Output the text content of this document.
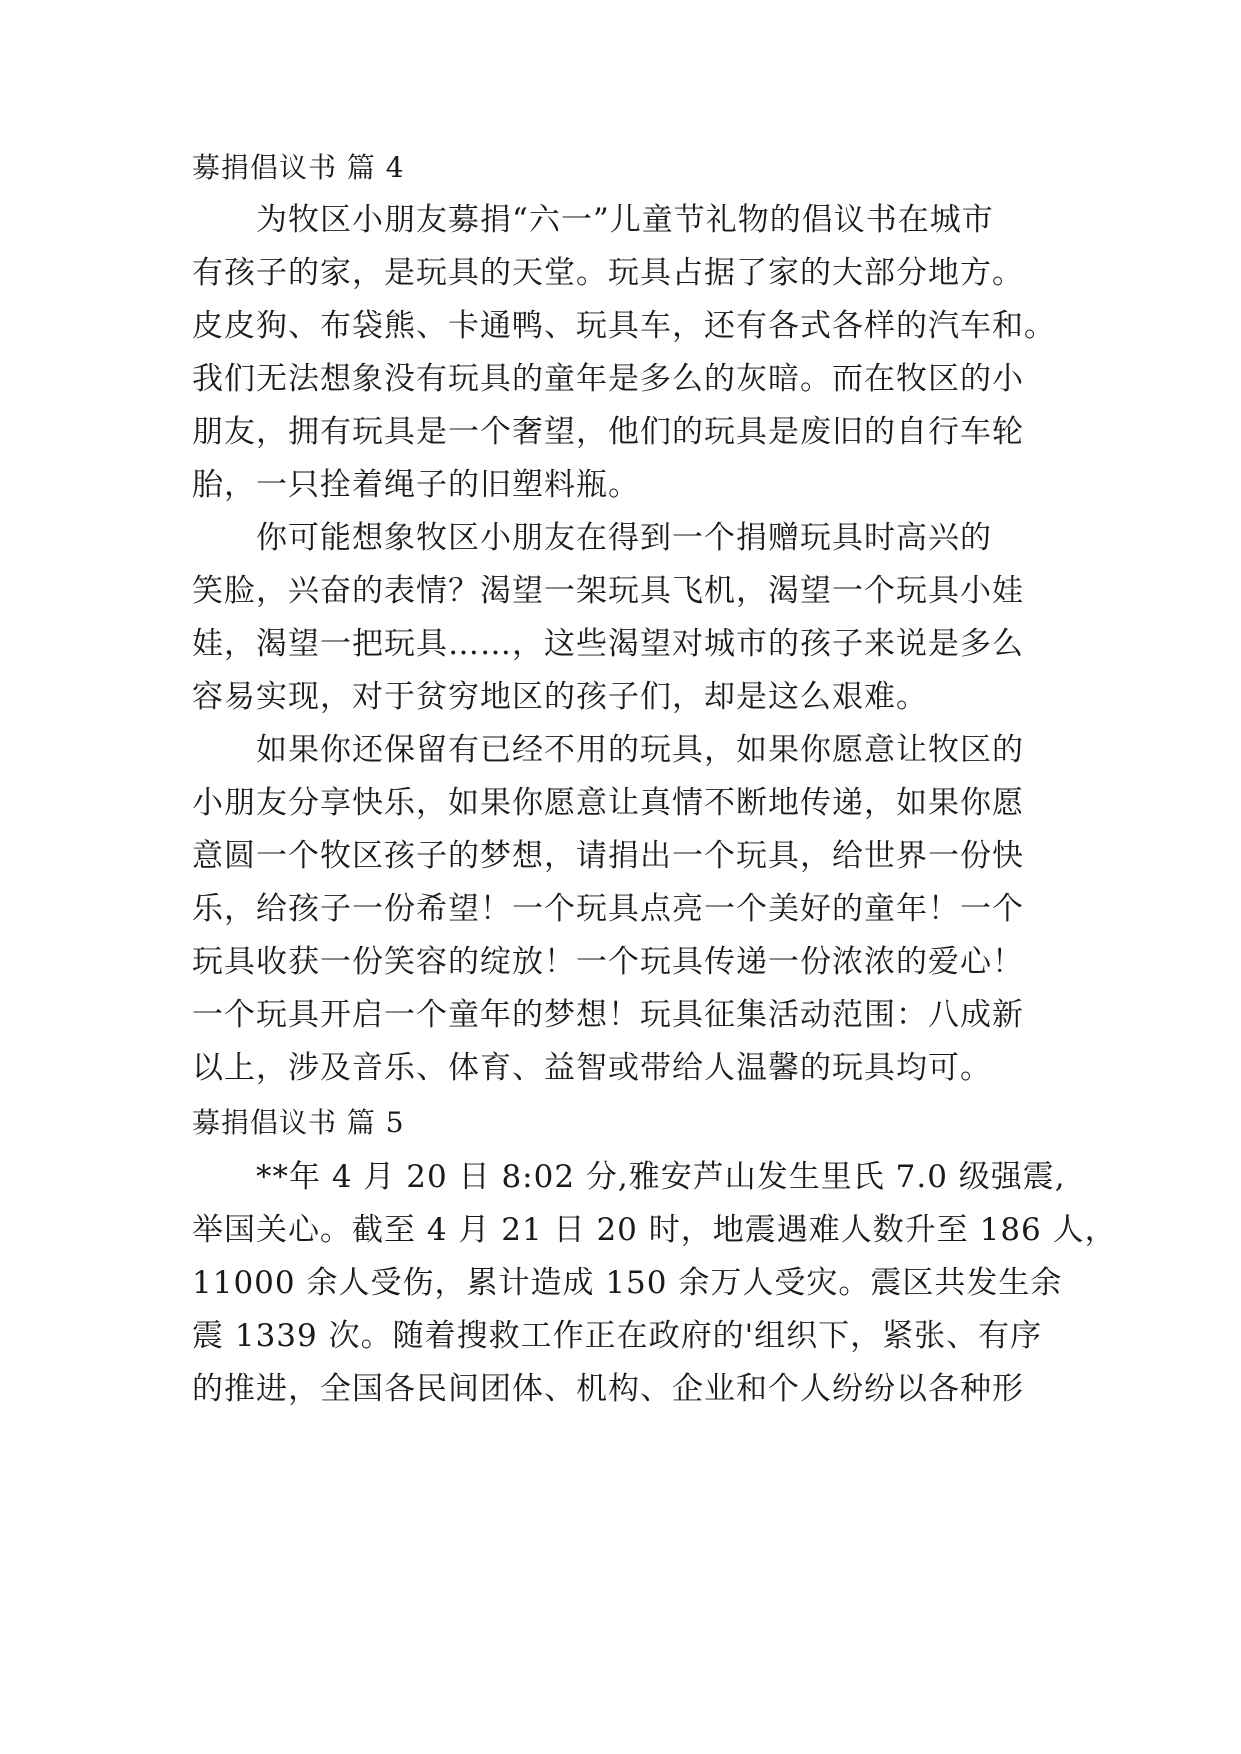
募捐倡议书 篇 4
为牧区小朋友募捐“六一”儿童节礼物的倡议书在城市
有孩子的家，是玩具的天堂。玩具占据了家的大部分地方。
皮皮狗、布袋熊、卡通鸭、玩具车，还有各式各样的汽车和。
我们无法想象没有玩具的童年是多么的灰暗。而在牧区的小
朋友，拥有玩具是一个奢望，他们的玩具是废旧的自行车轮
胎，一只拴着绳子的旧塑料瓶。
你可能想象牧区小朋友在得到一个捐赠玩具时高兴的
笑脸，兴奋的表情？渴望一架玩具飞机，渴望一个玩具小娃
娃，渴望一把玩具……，这些渴望对城市的孩子来说是多么
容易实现，对于贫穷地区的孩子们，却是这么艰难。
如果你还保留有已经不用的玩具，如果你愿意让牧区的
小朋友分享快乐，如果你愿意让真情不断地传递，如果你愿
意圆一个牧区孩子的梦想，请捐出一个玩具，给世界一份快
乐，给孩子一份希望！一个玩具点亮一个美好的童年！一个
玩具收获一份笑容的绽放！一个玩具传递一份浓浓的爱心！
一个玩具开启一个童年的梦想！玩具征集活动范围：八成新
以上，涉及音乐、体育、益智或带给人温馨的玩具均可。
募捐倡议书 篇 5
**年 4 月 20 日 8:02 分,雅安芦山发生里氏 7.0 级强震,
举国关心。截至 4 月 21 日 20 时，地震遇难人数升至 186 人，
11000 余人受伤，累计造成 150 余万人受灾。震区共发生余
震 1339 次。随着搜救工作正在政府的'组织下，紧张、有序
的推进，全国各民间团体、机构、企业和个人纷纷以各种形
